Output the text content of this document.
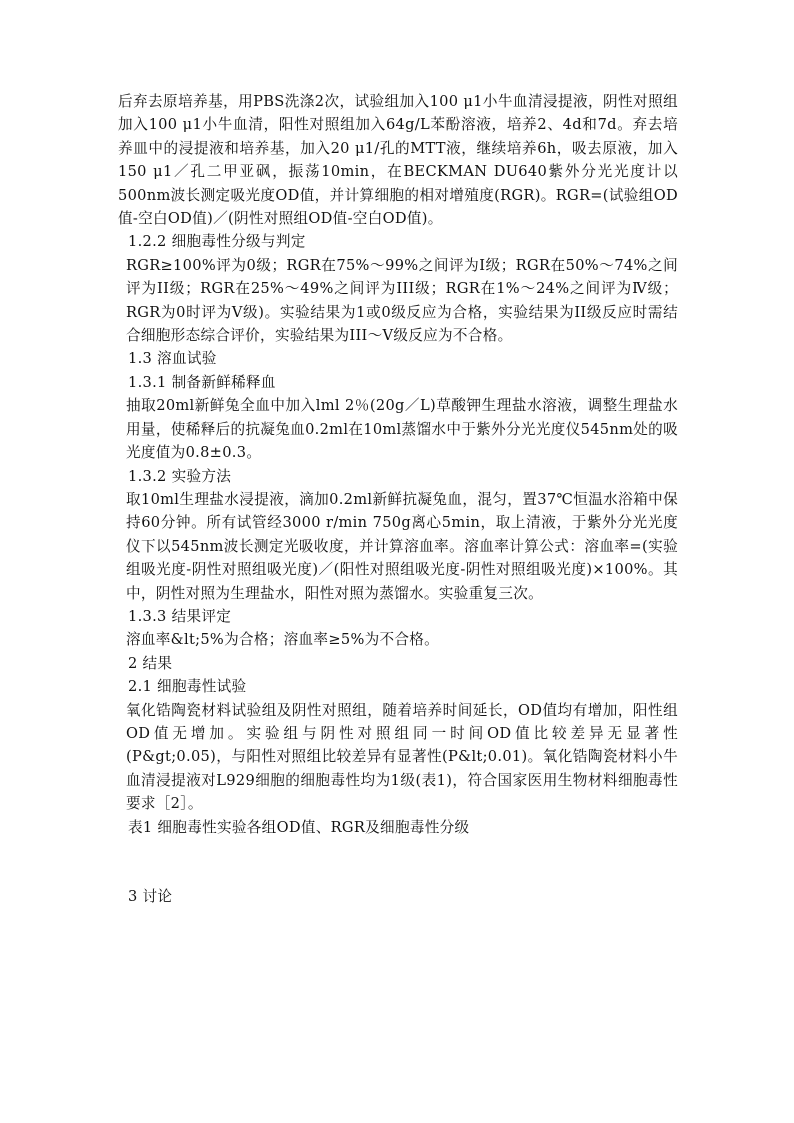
后弃去原培养基，用PBS洗涤2次，试验组加入100 μ1小牛血清浸提液，阴性对照组加入100 μ1小牛血清，阳性对照组加入64g/L苯酚溶液，培养2、4d和7d。弃去培养皿中的浸提液和培养基，加入20 μ1/孔的MTT液，继续培养6h，吸去原液，加入150 μ1／孔二甲亚砜，振荡10min，在BECKMAN DU640紫外分光光度计以500nm波长测定吸光度OD值，并计算细胞的相对增殖度(RGR)。RGR=(试验组OD值-空白OD值)／(阴性对照组OD值-空白OD值)。

1.2.2 细胞毒性分级与判定

RGR≥100%评为0级；RGR在75%～99%之间评为I级；RGR在50%～74%之间评为II级；RGR在25%～49%之间评为III级；RGR在1%～24%之间评为Ⅳ级；RGR为0时评为V级)。实验结果为1或0级反应为合格，实验结果为II级反应时需结合细胞形态综合评价，实验结果为III～V级反应为不合格。

1.3 溶血试验

1.3.1 制备新鲜稀释血

抽取20ml新鲜兔全血中加入lml 2％(20g／L)草酸钾生理盐水溶液，调整生理盐水用量，使稀释后的抗凝兔血0.2ml在10ml蒸馏水中于紫外分光光度仪545nm处的吸光度值为0.8±0.3。

1.3.2 实验方法

取10ml生理盐水浸提液，滴加0.2ml新鲜抗凝兔血，混匀，置37℃恒温水浴箱中保持60分钟。所有试管经3000 r/min 750g离心5min，取上清液，于紫外分光光度仪下以545nm波长测定光吸收度，并计算溶血率。溶血率计算公式：溶血率=(实验组吸光度-阴性对照组吸光度)／(阳性对照组吸光度-阴性对照组吸光度)×100%。其中，阴性对照为生理盐水，阳性对照为蒸馏水。实验重复三次。

1.3.3 结果评定

溶血率&lt;5%为合格；溶血率≥5%为不合格。

2 结果

2.1 细胞毒性试验

氧化锆陶瓷材料试验组及阴性对照组，随着培养时间延长，OD值均有增加，阳性组OD值无增加。实验组与阴性对照组同一时间OD值比较差异无显著性(P&gt;0.05)，与阳性对照组比较差异有显著性(P&lt;0.01)。氧化锆陶瓷材料小牛血清浸提液对L929细胞的细胞毒性均为1级(表1)，符合国家医用生物材料细胞毒性要求［2］。

表1 细胞毒性实验各组OD值、RGR及细胞毒性分级

3 讨论
